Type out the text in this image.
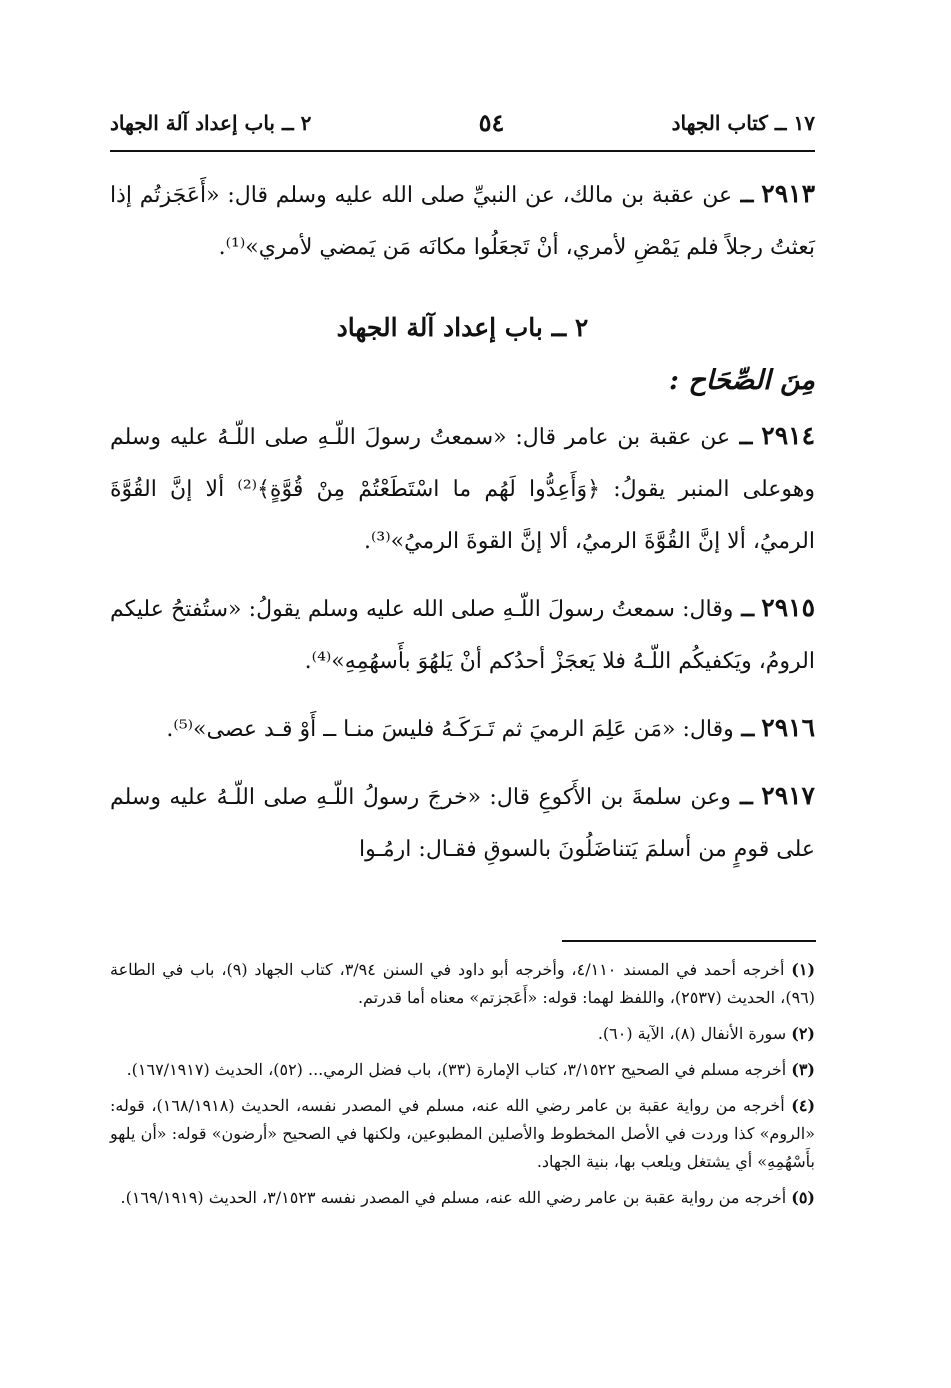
١٧ ــ كتاب الجهاد
٥٤
٢ ــ باب إعداد آلة الجهاد

٢٩١٣ ــ عن عقبة بن مالك، عن النبيِّ صلى الله عليه وسلم قال: «أَعَجَزتُم إذا بَعثتُ رجلاً فلم يَمْضِ لأمري، أنْ تَجعَلُوا مكانَه مَن يَمضي لأمري»⁽¹⁾.

٢ ــ باب إعداد آلة الجهاد
مِنَ الصِّحَاح :

٢٩١٤ ــ عن عقبة بن عامر قال: «سمعتُ رسولَ اللّـهِ صلى اللّـهُ عليه وسلم وهوعلى المنبر يقولُ: ﴿وَأَعِدُّوا لَهُم ما اسْتَطَعْتُمْ مِنْ قُوَّةٍ﴾⁽²⁾ ألا إنَّ القُوَّةَ الرميُ، ألا إنَّ القُوَّةَ الرميُ، ألا إنَّ القوةَ الرميُ»⁽³⁾.

٢٩١٥ ــ وقال: سمعتُ رسولَ اللّـهِ صلى الله عليه وسلم يقولُ: «ستُفتحُ عليكم الرومُ، ويَكفيكُم اللّـهُ فلا يَعجَزْ أحدُكم أنْ يَلهُوَ بأَسهُمِهِ»⁽⁴⁾.

٢٩١٦ ــ وقال: «مَن عَلِمَ الرميَ ثم تَـرَكَـهُ فليسَ منـا ــ أَوْ قـد عصى»⁽⁵⁾.

٢٩١٧ ــ وعن سلمةَ بن الأَكوعِ قال: «خرجَ رسولُ اللّـهِ صلى اللّـهُ عليه وسلم على قومٍ من أسلمَ يَتناضَلُونَ بالسوقِ فقـال: ارمُـوا

(١) أخرجه أحمد في المسند ٤/١١٠، وأخرجه أبو داود في السنن ٣/٩٤، كتاب الجهاد (٩)، باب في الطاعة (٩٦)، الحديث (٢٥٣٧)، واللفظ لهما: قوله: «أَعَجزتم» معناه أما قدرتم.

(٢) سورة الأنفال (٨)، الآية (٦٠).

(٣) أخرجه مسلم في الصحيح ٣/١٥٢٢، كتاب الإمارة (٣٣)، باب فضل الرمي... (٥٢)، الحديث (١٦٧/١٩١٧).

(٤) أخرجه من رواية عقبة بن عامر رضي الله عنه، مسلم في المصدر نفسه، الحديث (١٦٨/١٩١٨)، قوله: «الروم» كذا وردت في الأصل المخطوط والأصلين المطبوعين، ولكنها في الصحيح «أرضون» قوله: «أن يلهو بأَسْهُمِهِ» أي يشتغل ويلعب بها، بنية الجهاد.

(٥) أخرجه من رواية عقبة بن عامر رضي الله عنه، مسلم في المصدر نفسه ٣/١٥٢٣، الحديث (١٦٩/١٩١٩).
